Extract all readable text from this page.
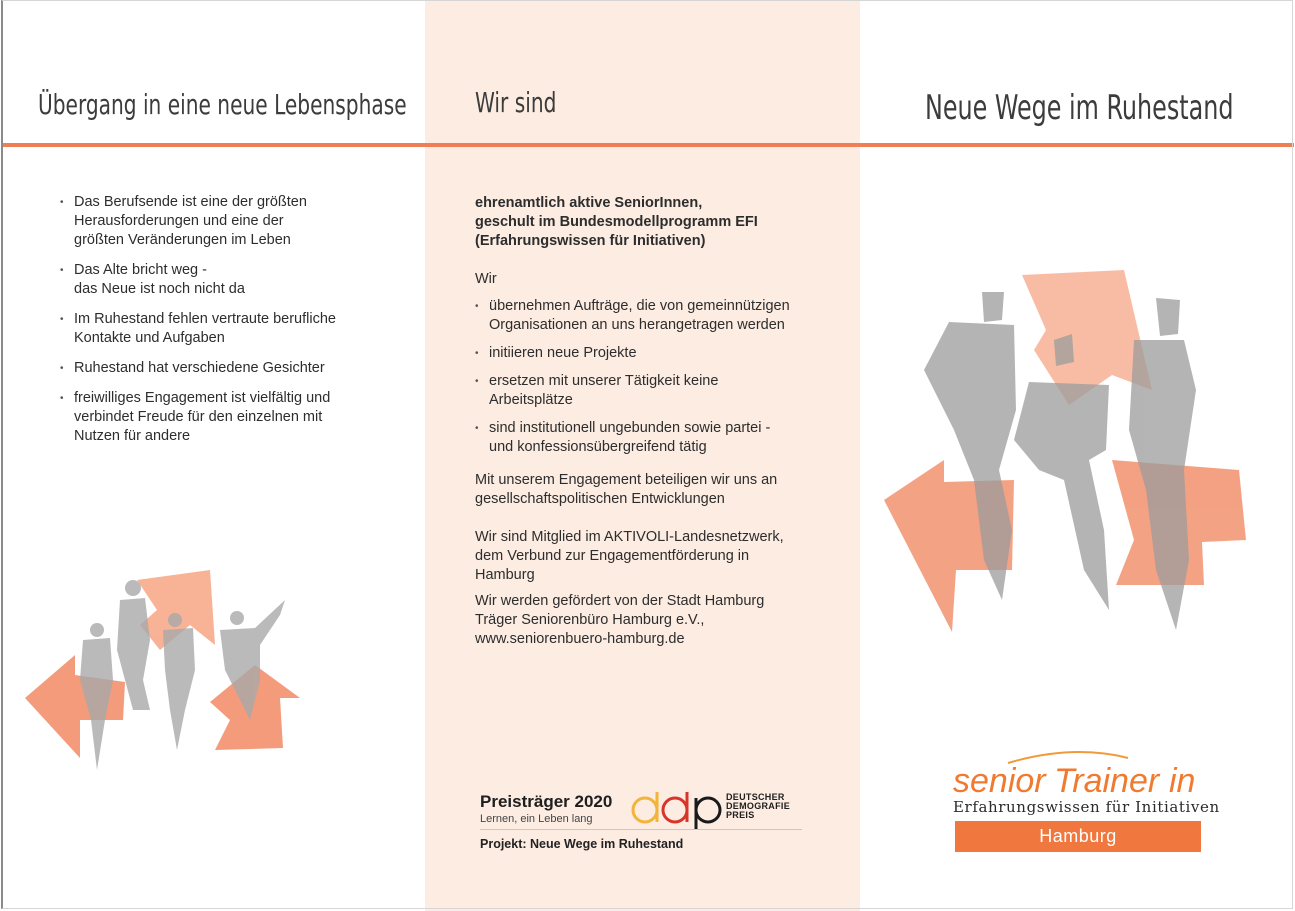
Übergang in eine neue Lebensphase
• Das Berufsende ist eine der größten
Herausforderungen und eine der
größten Veränderungen im Leben
• Das Alte bricht weg -
das Neue ist noch nicht da
• Im Ruhestand fehlen vertraute berufliche
Kontakte und Aufgaben
• Ruhestand hat verschiedene Gesichter
• freiwilliges Engagement ist vielfältig und
verbindet Freude für den einzelnen mit
Nutzen für andere
Wir sind
ehrenamtlich aktive SeniorInnen,
geschult im Bundesmodellprogramm EFI
(Erfahrungswissen für Initiativen)
Wir
• übernehmen Aufträge, die von gemeinnützigen
Organisationen an uns herangetragen werden
• initiieren neue Projekte
• ersetzen mit unserer Tätigkeit keine
Arbeitsplätze
• sind institutionell ungebunden sowie partei -
und konfessionsübergreifend tätig
Mit unserem Engagement beteiligen wir uns an
gesellschaftspolitischen Entwicklungen
Wir sind Mitglied im AKTIVOLI-Landesnetzwerk,
dem Verbund zur Engagementförderung in
Hamburg
Wir werden gefördert von der Stadt Hamburg
Träger Seniorenbüro Hamburg e.V.,
www.seniorenbuero-hamburg.de
Preisträger 2020
Lernen, ein Leben lang
DEUTSCHER
DEMOGRAFIE
PREIS
Projekt: Neue Wege im Ruhestand
Neue Wege im Ruhestand
senior Trainer in
Erfahrungswissen für Initiativen
Hamburg
